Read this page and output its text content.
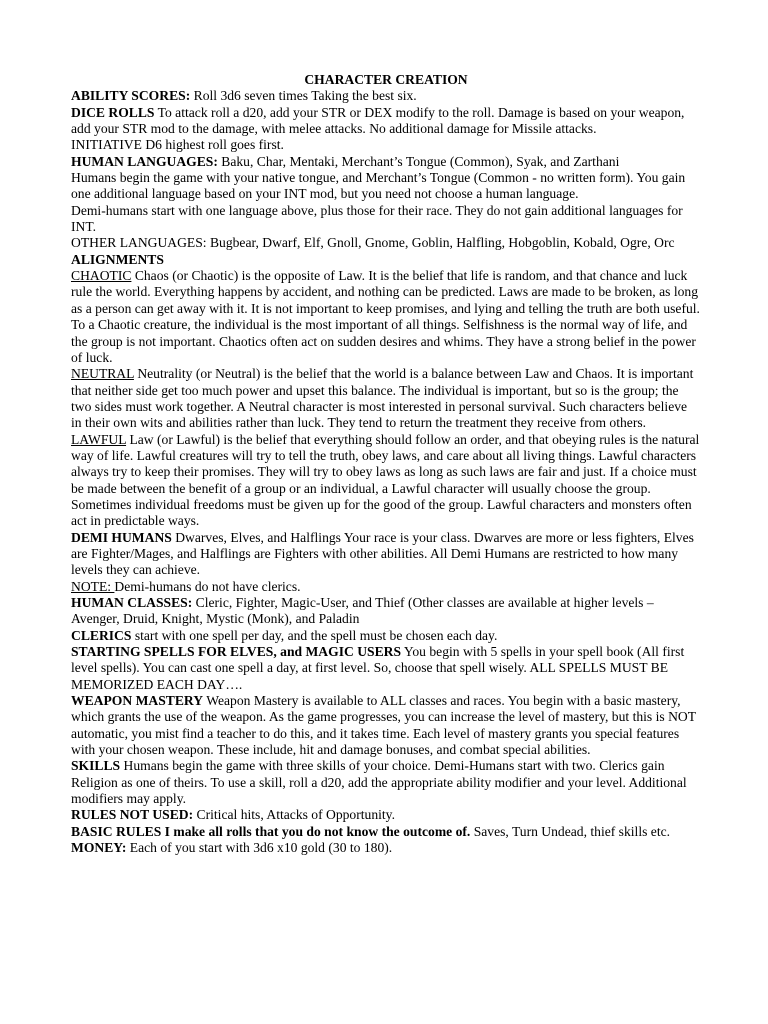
CHARACTER CREATION

ABILITY SCORES: Roll 3d6 seven times Taking the best six.

DICE ROLLS To attack roll a d20, add your STR or DEX modify to the roll. Damage is based on your weapon, add your STR mod to the damage, with melee attacks. No additional damage for Missile attacks.

INITIATIVE D6 highest roll goes first.

HUMAN LANGUAGES: Baku, Char, Mentaki, Merchant’s Tongue (Common), Syak, and Zarthani

Humans begin the game with your native tongue, and Merchant’s Tongue (Common - no written form). You gain one additional language based on your INT mod, but you need not choose a human language.

Demi-humans start with one language above, plus those for their race. They do not gain additional languages for INT.

OTHER LANGUAGES: Bugbear, Dwarf, Elf, Gnoll, Gnome, Goblin, Halfling, Hobgoblin, Kobald, Ogre, Orc

ALIGNMENTS

CHAOTIC Chaos (or Chaotic) is the opposite of Law. It is the belief that life is random, and that chance and luck rule the world. Everything happens by accident, and nothing can be predicted. Laws are made to be broken, as long as a person can get away with it. It is not important to keep promises, and lying and telling the truth are both useful.

To a Chaotic creature, the individual is the most important of all things. Selfishness is the normal way of life, and the group is not important. Chaotics often act on sudden desires and whims. They have a strong belief in the power of luck.

NEUTRAL Neutrality (or Neutral) is the belief that the world is a balance between Law and Chaos. It is important that neither side get too much power and upset this balance. The individual is important, but so is the group; the two sides must work together. A Neutral character is most interested in personal survival. Such characters believe in their own wits and abilities rather than luck. They tend to return the treatment they receive from others.

LAWFUL Law (or Lawful) is the belief that everything should follow an order, and that obeying rules is the natural way of life. Lawful creatures will try to tell the truth, obey laws, and care about all living things. Lawful characters always try to keep their promises. They will try to obey laws as long as such laws are fair and just. If a choice must be made between the benefit of a group or an individual, a Lawful character will usually choose the group. Sometimes individual freedoms must be given up for the good of the group. Lawful characters and monsters often act in predictable ways.

DEMI HUMANS Dwarves, Elves, and Halflings Your race is your class. Dwarves are more or less fighters, Elves are Fighter/Mages, and Halflings are Fighters with other abilities. All Demi Humans are restricted to how many levels they can achieve.

NOTE: Demi-humans do not have clerics.

HUMAN CLASSES: Cleric, Fighter, Magic-User, and Thief (Other classes are available at higher levels – Avenger, Druid, Knight, Mystic (Monk), and Paladin

CLERICS start with one spell per day, and the spell must be chosen each day.

STARTING SPELLS FOR ELVES, and MAGIC USERS You begin with 5 spells in your spell book (All first level spells). You can cast one spell a day, at first level. So, choose that spell wisely. ALL SPELLS MUST BE MEMORIZED EACH DAY….

WEAPON MASTERY Weapon Mastery is available to ALL classes and races. You begin with a basic mastery, which grants the use of the weapon. As the game progresses, you can increase the level of mastery, but this is NOT automatic, you mist find a teacher to do this, and it takes time. Each level of mastery grants you special features with your chosen weapon. These include, hit and damage bonuses, and combat special abilities.

SKILLS Humans begin the game with three skills of your choice. Demi-Humans start with two. Clerics gain Religion as one of theirs. To use a skill, roll a d20, add the appropriate ability modifier and your level. Additional modifiers may apply.

RULES NOT USED: Critical hits, Attacks of Opportunity.

BASIC RULES I make all rolls that you do not know the outcome of. Saves, Turn Undead, thief skills etc.

MONEY: Each of you start with 3d6 x10 gold (30 to 180).
